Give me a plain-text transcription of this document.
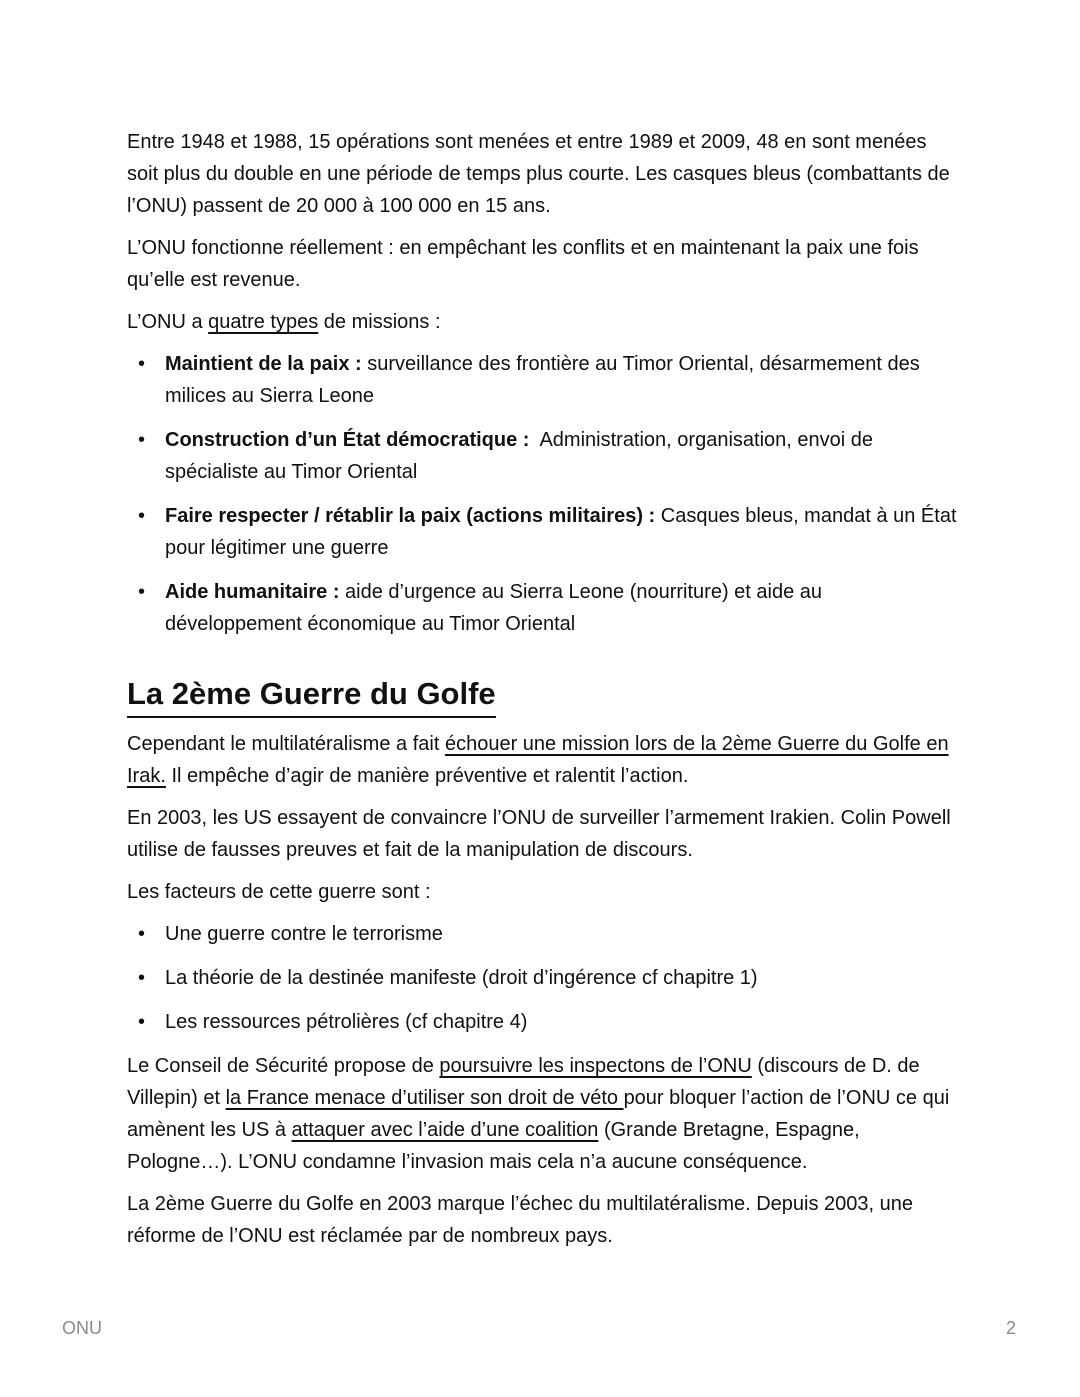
Entre 1948 et 1988, 15 opérations sont menées et entre 1989 et 2009, 48 en sont menées soit plus du double en une période de temps plus courte. Les casques bleus (combattants de l’ONU) passent de 20 000 à 100 000 en 15 ans.

L’ONU fonctionne réellement : en empêchant les conflits et en maintenant la paix une fois qu’elle est revenue.

L’ONU a quatre types de missions :

• Maintient de la paix : surveillance des frontière au Timor Oriental, désarmement des milices au Sierra Leone
• Construction d’un État démocratique :  Administration, organisation, envoi de spécialiste au Timor Oriental
• Faire respecter / rétablir la paix (actions militaires) : Casques bleus, mandat à un État pour légitimer une guerre
• Aide humanitaire : aide d’urgence au Sierra Leone (nourriture) et aide au développement économique au Timor Oriental
La 2ème Guerre du Golfe

Cependant le multilatéralisme a fait échouer une mission lors de la 2ème Guerre du Golfe en Irak. Il empêche d’agir de manière préventive et ralentit l’action.

En 2003, les US essayent de convaincre l’ONU de surveiller l’armement Irakien. Colin Powell utilise de fausses preuves et fait de la manipulation de discours.

Les facteurs de cette guerre sont :

• Une guerre contre le terrorisme
• La théorie de la destinée manifeste (droit d’ingérence cf chapitre 1)
• Les ressources pétrolières (cf chapitre 4)

Le Conseil de Sécurité propose de poursuivre les inspectons de l’ONU (discours de D. de Villepin) et la France menace d’utiliser son droit de véto pour bloquer l’action de l’ONU ce qui amènent les US à attaquer avec l’aide d’une coalition (Grande Bretagne, Espagne, Pologne…). L’ONU condamne l’invasion mais cela n’a aucune conséquence.

La 2ème Guerre du Golfe en 2003 marque l’échec du multilatéralisme. Depuis 2003, une réforme de l’ONU est réclamée par de nombreux pays.

ONU	2
